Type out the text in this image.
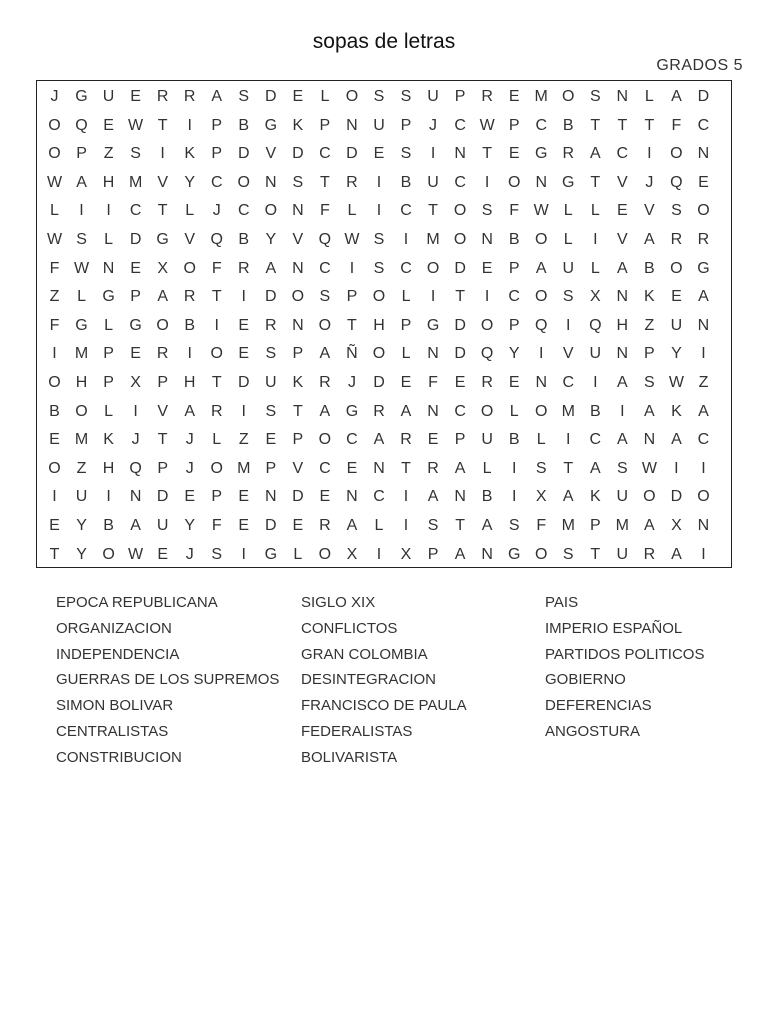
sopas de letras
GRADOS 5
J	G U E R R A	S D E	L	O S	S U P R E M O S N	L	A D
O Q E W T	I	P	B G K	P N U P	J	C W P C B	T	T	T	F	C
O P	Z	S	I	K	P D V D C D E	S	I	N	T	E G R A C	I	O N
W A H M V	Y C O N S	T	R	I	B U C	I	O N G T	V	J	Q E
L	I	I	C	T	L	J	C O N	F	L	I	C	T O S	F W L	L	E	V	S O
W S	L	D G V Q B	Y	V Q W S	I	M O N B O	L	I	V	A R R
F W N E	X O F	R A N C	I	S C O D E	P	A U	L	A	B O G
Z	L	G P	A R	T	I	D O S	P O	L	I	T	I	C O S	X N K	E	A
F G	L	G O B	I	E R N O T	H P G D O P Q	I	Q H	Z	U N
I	M P	E R	I	O E	S	P	A Ñ O	L	N D Q Y	I	V U N P	Y	I
O H P	X	P H	T	D U K R	J	D E	F	E R E N C	I	A	S W Z
B O	L	I	V	A R	I	S	T	A G R A N C O	L	O M B	I	A	K	A
E M K	J	T	J	L	Z	E	P O C A R E	P U B	L	I	C A N A C
O Z	H Q P	J	O M P	V C E N	T	R A	L	I	S	T	A	S W	I	I
I	U	I	N D E	P	E N D E N C	I	A N B	I	X	A	K U O D O
E	Y	B	A U Y	F	E D E R A	L	I	S	T	A	S	F M P M A	X N
T	Y O W E	J	S	I	G	L	O X	I	X	P	A N G O S	T	U R A	I
EPOCA REPUBLICANA
ORGANIZACION
INDEPENDENCIA
GUERRAS DE LOS SUPREMOS
SIMON BOLIVAR
CENTRALISTAS
CONSTRIBUCION
SIGLO XIX
CONFLICTOS
GRAN COLOMBIA
DESINTEGRACION
FRANCISCO DE PAULA
FEDERALISTAS
BOLIVARISTA
PAIS
IMPERIO ESPAÑOL
PARTIDOS POLITICOS
GOBIERNO
DEFERENCIAS
ANGOSTURA
